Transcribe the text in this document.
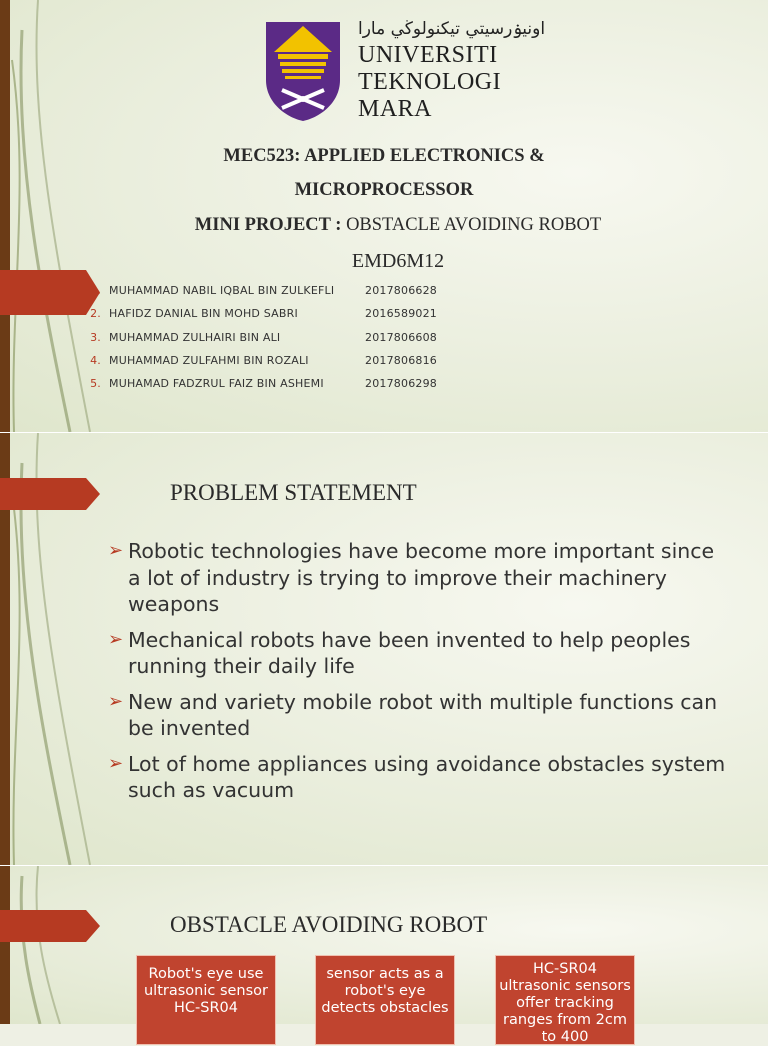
اونيۏرسيتي تيكنولوڬي مارا
UNIVERSITI
TEKNOLOGI
MARA
MEC523: APPLIED ELECTRONICS &
MICROPROCESSOR
MINI PROJECT : OBSTACLE AVOIDING ROBOT
EMD6M12
1. MUHAMMAD NABIL IQBAL BIN ZULKEFLI	2017806628
2. HAFIDZ DANIAL BIN MOHD SABRI	2016589021
3. MUHAMMAD ZULHAIRI BIN ALI	2017806608
4. MUHAMMAD ZULFAHMI BIN ROZALI	2017806816
5. MUHAMAD FADZRUL FAIZ BIN ASHEMI	2017806298
PROBLEM STATEMENT
➢ Robotic technologies have become more important since a lot of industry is trying to improve their machinery weapons
➢ Mechanical robots have been invented to help peoples running their daily life
➢ New and variety mobile robot with multiple functions can be invented
➢ Lot of home appliances using avoidance obstacles system such as vacuum
OBSTACLE AVOIDING ROBOT
Robot's eye use ultrasonic sensor HC-SR04
sensor acts as a robot's eye detects obstacles
HC-SR04 ultrasonic sensors offer tracking ranges from 2cm to 400
